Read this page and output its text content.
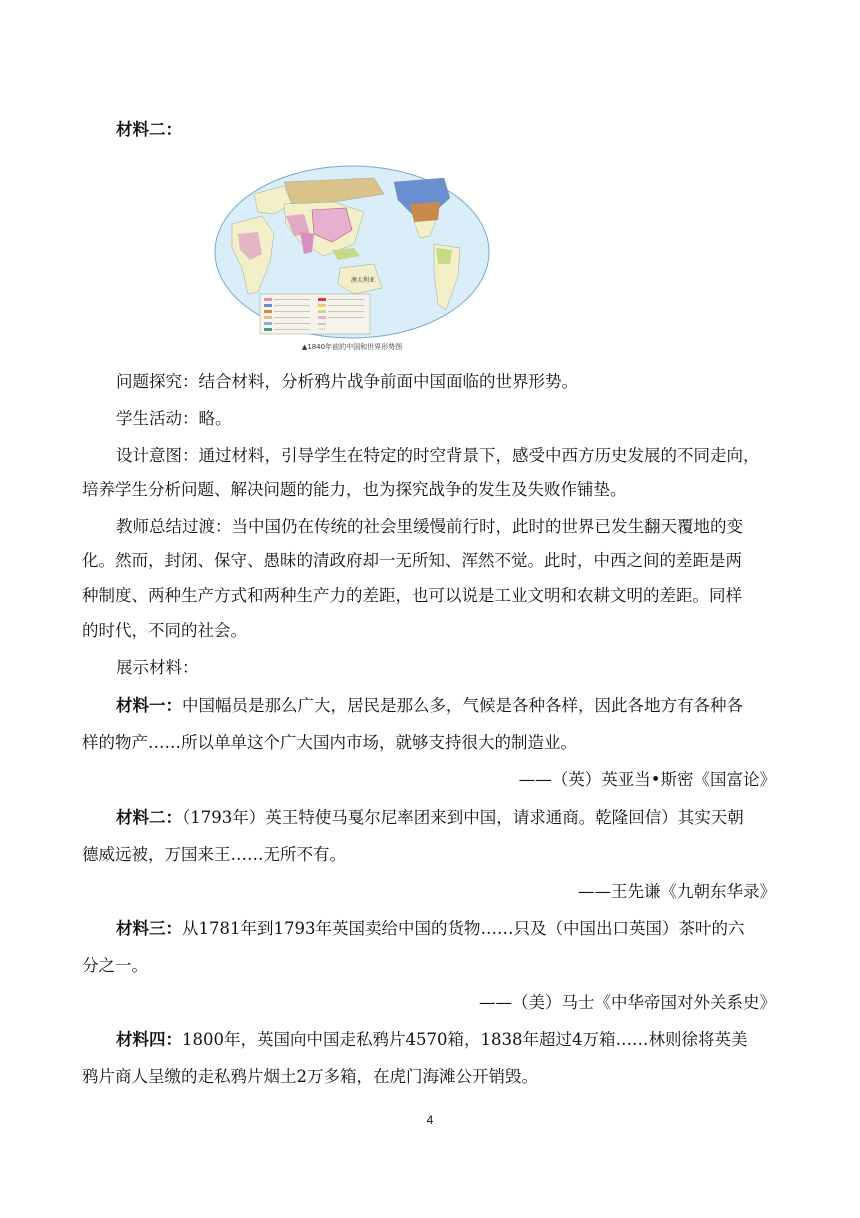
材料二：
澳大利亚
▲1840年前的中国和世界形势图
问题探究：结合材料，分析鸦片战争前面中国面临的世界形势。
学生活动：略。
设计意图：通过材料，引导学生在特定的时空背景下，感受中西方历史发展的不同走向，
培养学生分析问题、解决问题的能力，也为探究战争的发生及失败作铺垫。
教师总结过渡：当中国仍在传统的社会里缓慢前行时，此时的世界已发生翻天覆地的变
化。然而，封闭、保守、愚昧的清政府却一无所知、浑然不觉。此时，中西之间的差距是两
种制度、两种生产方式和两种生产力的差距，也可以说是工业文明和农耕文明的差距。同样
的时代，不同的社会。
展示材料：
材料一：中国幅员是那么广大，居民是那么多，气候是各种各样，因此各地方有各种各
样的物产……所以单单这个广大国内市场，就够支持很大的制造业。
——（英）英亚当•斯密《国富论》
材料二：（1793年）英王特使马戛尔尼率团来到中国，请求通商。乾隆回信）其实天朝
德威远被，万国来王……无所不有。
——王先谦《九朝东华录》
材料三：从1781年到1793年英国卖给中国的货物……只及（中国出口英国）茶叶的六
分之一。
——（美）马士《中华帝国对外关系史》
材料四：1800年，英国向中国走私鸦片4570箱，1838年超过4万箱……林则徐将英美
鸦片商人呈缴的走私鸦片烟土2万多箱，在虎门海滩公开销毁。
4
